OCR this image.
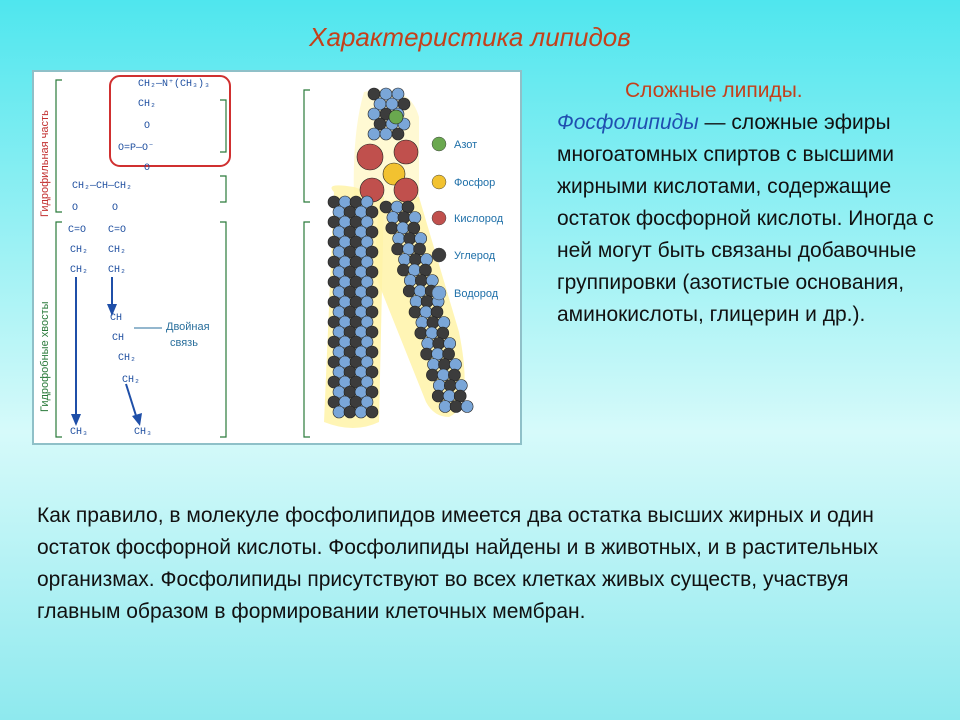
Характеристика липидов
Гидрофильная часть
Гидрофобные хвосты
CH₂—N⁺(CH₃)₃
CH₂
O
O=P—O⁻
O
CH₂—CH—CH₂
O	O
C=O C=O
CH₂ CH₂
CH₂ CH₂
CH
CH
CH₂
CH₂
CH₃	CH₃
Двойная
связь
Азот
Фосфор
Кислород
Углерод
Водород
Сложные липиды.
Фосфолипиды — сложные эфиры многоатомных спиртов с высшими жирными кислотами, содержащие остаток фосфорной кислоты. Иногда с ней могут быть связаны добавочные группировки (азотистые основания, аминокислоты, глицерин и др.).
Как правило, в молекуле фосфолипидов имеется два остатка высших жирных и один остаток фосфорной кислоты. Фосфолипиды найдены и в животных, и в растительных организмах. Фосфолипиды присутствуют во всех клетках живых существ, участвуя главным образом в формировании клеточных мембран.
